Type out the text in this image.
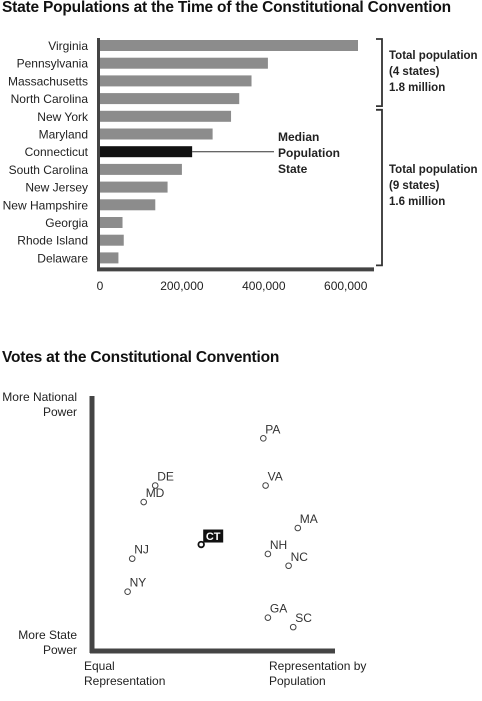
State Populations at the Time of the Constitutional Convention
Virginia
Pennsylvania
Massachusetts
North Carolina
New York
Maryland
Connecticut
South Carolina
New Jersey
New Hampshire
Georgia
Rhode Island
Delaware
0	200,000	400,000	600,000
Median
Population
State
Total population
(4 states)
1.8 million
Total population
(9 states)
1.6 million
Votes at the Constitutional Convention
More National
Power
More State
Power
Equal
Representation
Representation by
Population
PA
VA
DE
MD
MA
CT
NH
NC
NJ
NY
GA
SC
